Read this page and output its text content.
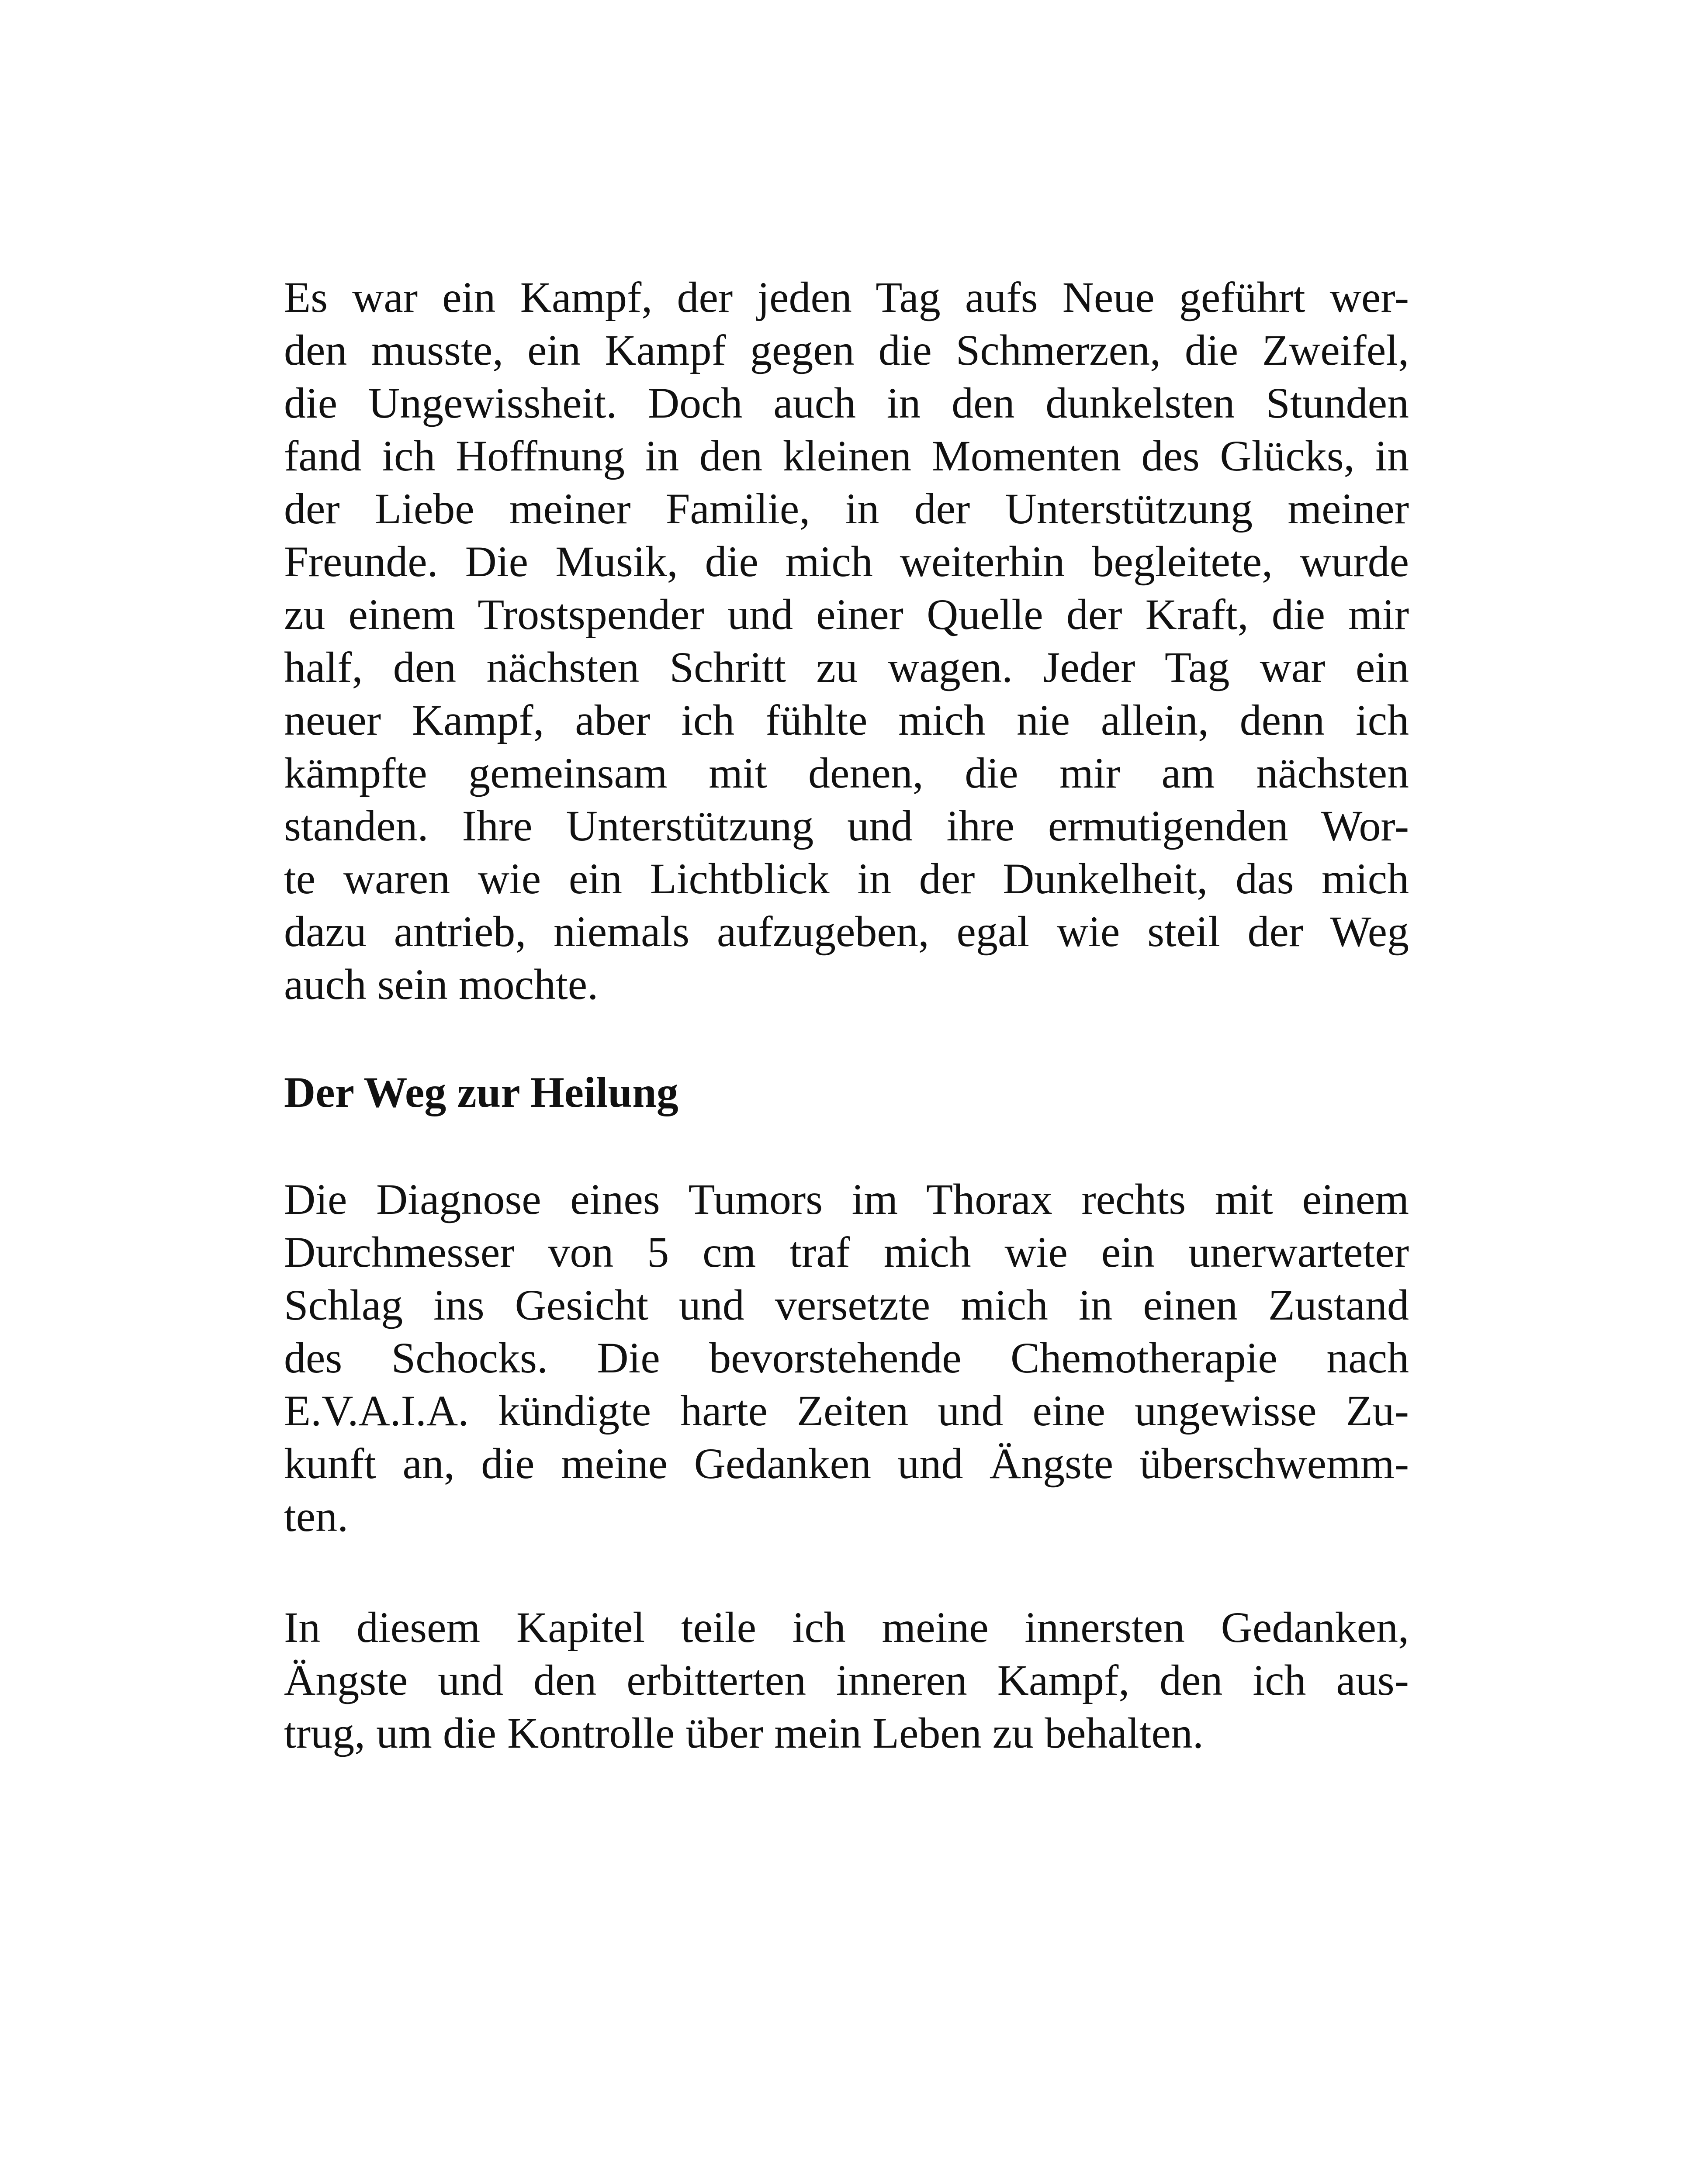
Es war ein Kampf, der jeden Tag aufs Neue geführt wer-
den musste, ein Kampf gegen die Schmerzen, die Zweifel,
die Ungewissheit. Doch auch in den dunkelsten Stunden
fand ich Hoffnung in den kleinen Momenten des Glücks, in
der Liebe meiner Familie, in der Unterstützung meiner
Freunde. Die Musik, die mich weiterhin begleitete, wurde
zu einem Trostspender und einer Quelle der Kraft, die mir
half, den nächsten Schritt zu wagen. Jeder Tag war ein
neuer Kampf, aber ich fühlte mich nie allein, denn ich
kämpfte gemeinsam mit denen, die mir am nächsten
standen. Ihre Unterstützung und ihre ermutigenden Wor-
te waren wie ein Lichtblick in der Dunkelheit, das mich
dazu antrieb, niemals aufzugeben, egal wie steil der Weg
auch sein mochte.
Der Weg zur Heilung
Die Diagnose eines Tumors im Thorax rechts mit einem
Durchmesser von 5 cm traf mich wie ein unerwarteter
Schlag ins Gesicht und versetzte mich in einen Zustand
des Schocks. Die bevorstehende Chemotherapie nach
E.V.A.I.A. kündigte harte Zeiten und eine ungewisse Zu-
kunft an, die meine Gedanken und Ängste überschwemm-
ten.
In diesem Kapitel teile ich meine innersten Gedanken,
Ängste und den erbitterten inneren Kampf, den ich aus-
trug, um die Kontrolle über mein Leben zu behalten.
